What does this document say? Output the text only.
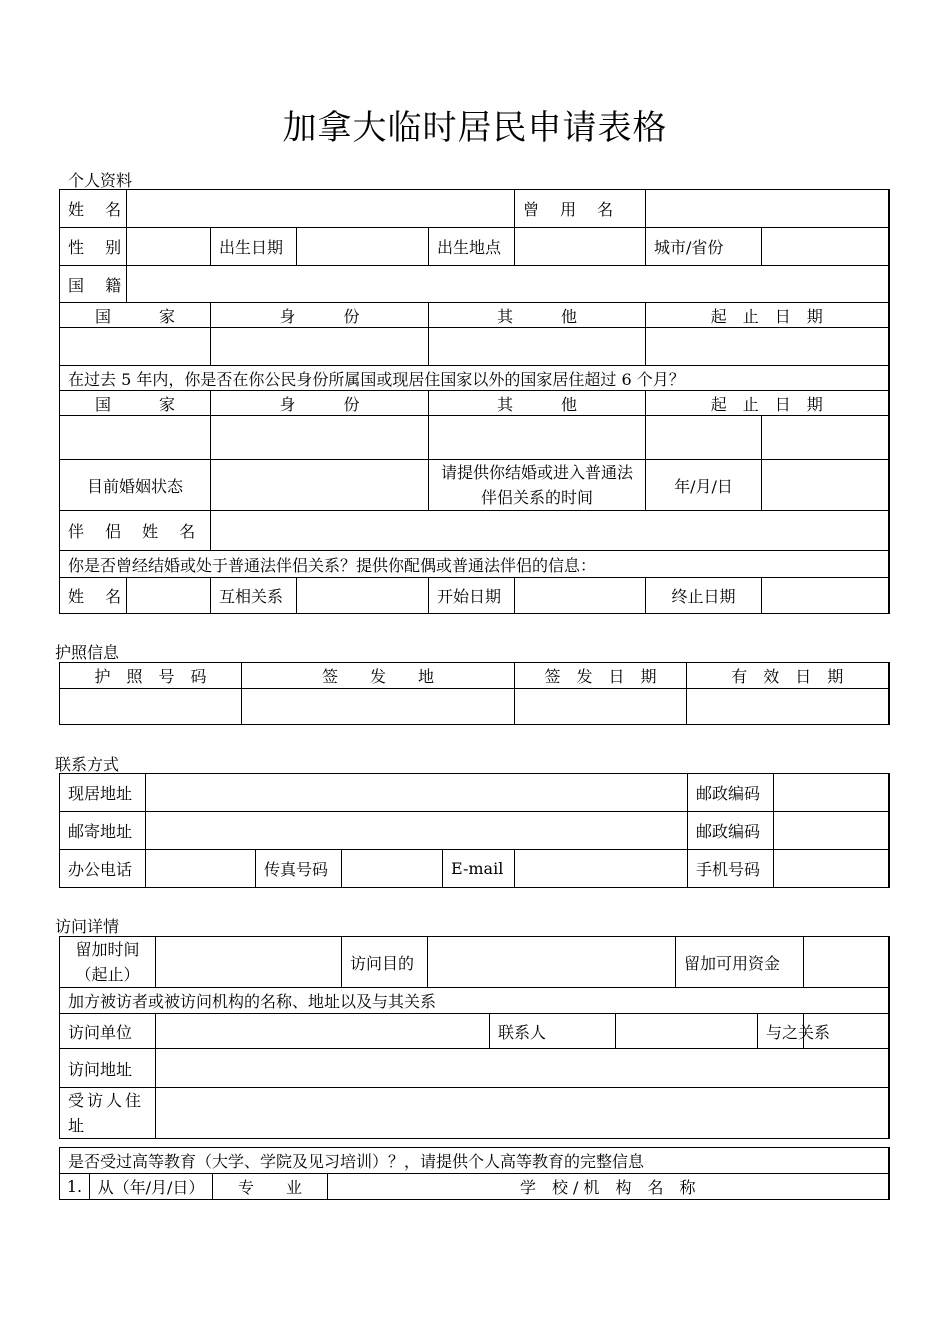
加拿大临时居民申请表格
个人资料
姓 名					曾 用 名		
性 别		出生日期		出生地点		城市/省份	
国 籍							
国　　　家		身　　　份		其　　　他		起　止　日　期	

在过去 5 年内，你是否在你公民身份所属国或现居住国家以外的国家居住超过 6 个月？							
国　　　家		身　　　份		其　　　他		起　止　日　期	

目前婚姻状态				请提供你结婚或进入普通法伴侣关系的时间		年/月/日	
伴 侣 姓 名							
你是否曾经结婚或处于普通法伴侣关系？提供你配偶或普通法伴侣的信息：							
姓 名		互相关系		开始日期		终止日期	
护照信息
护　照　号　码	签　　发　　地	签　发　日　期	有　效　日　期

联系方式
现居地址						邮政编码	
邮寄地址						邮政编码	
办公电话		传真号码		E-mail		手机号码	
访问详情
留加时间（起止）		访问目的				留加可用资金		
加方被访者或被访问机构的名称、地址以及与其关系								
访问单位				联系人			与之关系	
访问地址								
受访人住址								
是否受过高等教育（大学、学院及见习培训）？，请提供个人高等教育的完整信息
1.	从（年/月/日）	专　　业	学　校 / 机　构　名　称
